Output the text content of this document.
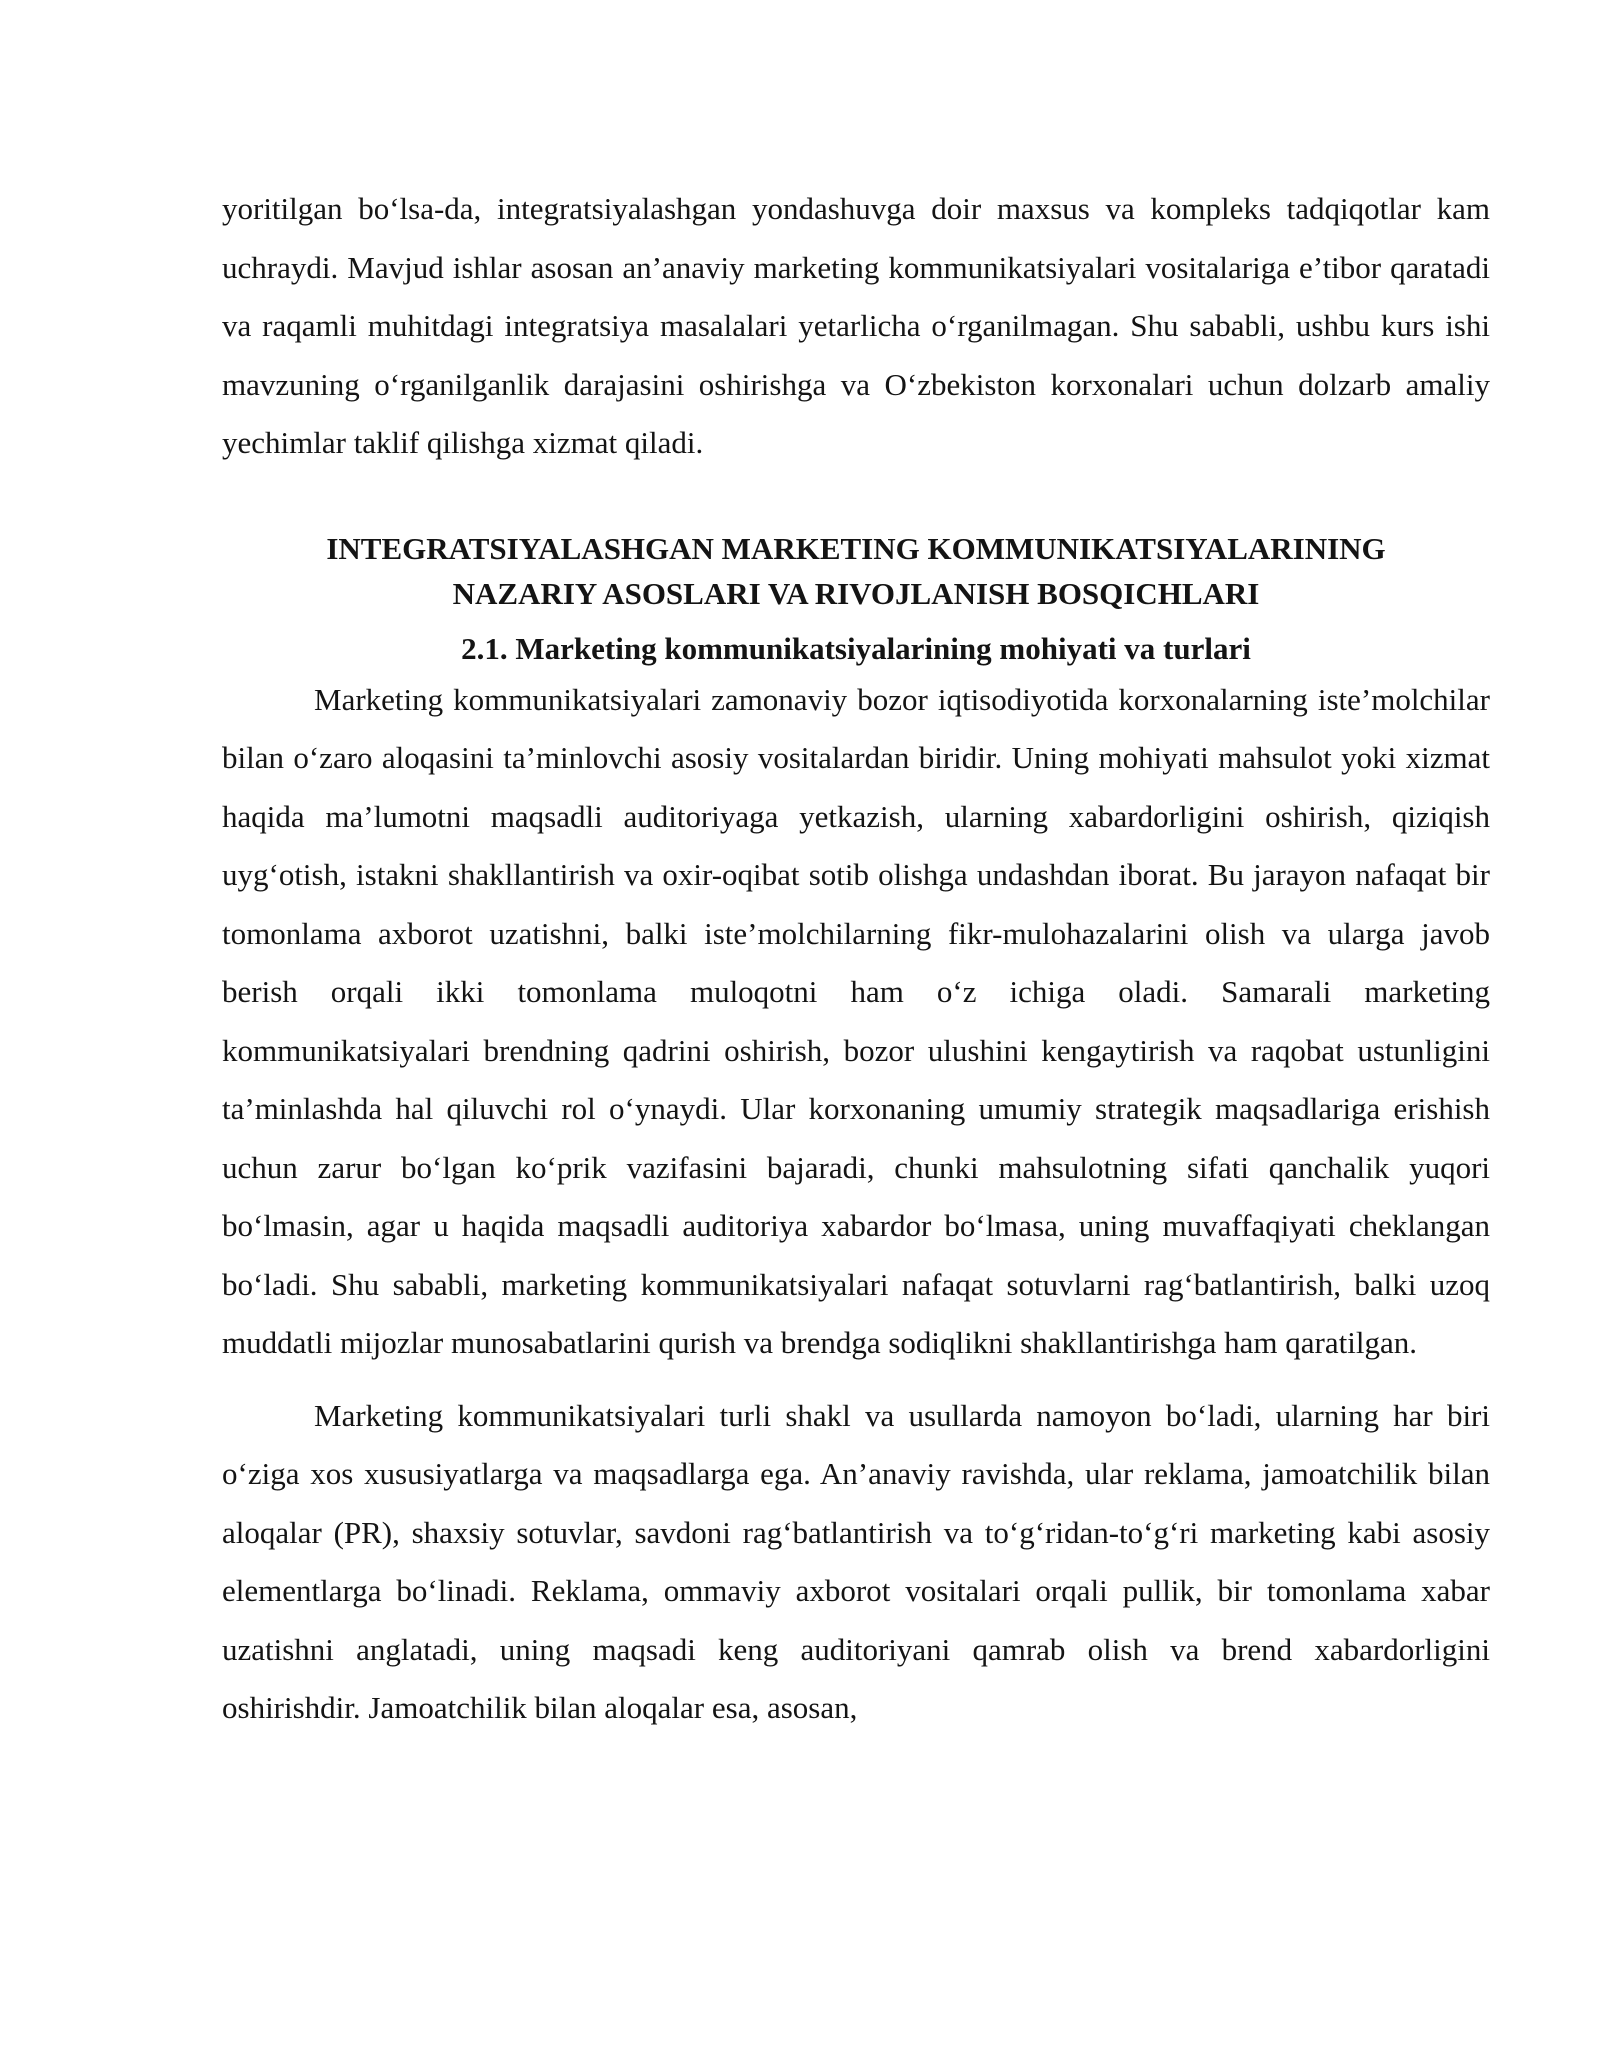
yoritilgan bo‘lsa-da, integratsiyalashgan yondashuvga doir maxsus va kompleks tadqiqotlar kam uchraydi. Mavjud ishlar asosan an’anaviy marketing kommunikatsiyalari vositalariga e’tibor qaratadi va raqamli muhitdagi integratsiya masalalari yetarlicha o‘rganilmagan. Shu sababli, ushbu kurs ishi mavzuning o‘rganilganlik darajasini oshirishga va O‘zbekiston korxonalari uchun dolzarb amaliy yechimlar taklif qilishga xizmat qiladi.

INTEGRATSIYALASHGAN MARKETING KOMMUNIKATSIYALARINING
NAZARIY ASOSLARI VA RIVOJLANISH BOSQICHLARI
2.1. Marketing kommunikatsiyalarining mohiyati va turlari

Marketing kommunikatsiyalari zamonaviy bozor iqtisodiyotida korxonalarning iste’molchilar bilan o‘zaro aloqasini ta’minlovchi asosiy vositalardan biridir. Uning mohiyati mahsulot yoki xizmat haqida ma’lumotni maqsadli auditoriyaga yetkazish, ularning xabardorligini oshirish, qiziqish uyg‘otish, istakni shakllantirish va oxir-oqibat sotib olishga undashdan iborat. Bu jarayon nafaqat bir tomonlama axborot uzatishni, balki iste’molchilarning fikr-mulohazalarini olish va ularga javob berish orqali ikki tomonlama muloqotni ham o‘z ichiga oladi. Samarali marketing kommunikatsiyalari brendning qadrini oshirish, bozor ulushini kengaytirish va raqobat ustunligini ta’minlashda hal qiluvchi rol o‘ynaydi. Ular korxonaning umumiy strategik maqsadlariga erishish uchun zarur bo‘lgan ko‘prik vazifasini bajaradi, chunki mahsulotning sifati qanchalik yuqori bo‘lmasin, agar u haqida maqsadli auditoriya xabardor bo‘lmasa, uning muvaffaqiyati cheklangan bo‘ladi. Shu sababli, marketing kommunikatsiyalari nafaqat sotuvlarni rag‘batlantirish, balki uzoq muddatli mijozlar munosabatlarini qurish va brendga sodiqlikni shakllantirishga ham qaratilgan.

Marketing kommunikatsiyalari turli shakl va usullarda namoyon bo‘ladi, ularning har biri o‘ziga xos xususiyatlarga va maqsadlarga ega. An’anaviy ravishda, ular reklama, jamoatchilik bilan aloqalar (PR), shaxsiy sotuvlar, savdoni rag‘batlantirish va to‘g‘ridan-to‘g‘ri marketing kabi asosiy elementlarga bo‘linadi. Reklama, ommaviy axborot vositalari orqali pullik, bir tomonlama xabar uzatishni anglatadi, uning maqsadi keng auditoriyani qamrab olish va brend xabardorligini oshirishdir. Jamoatchilik bilan aloqalar esa, asosan,
